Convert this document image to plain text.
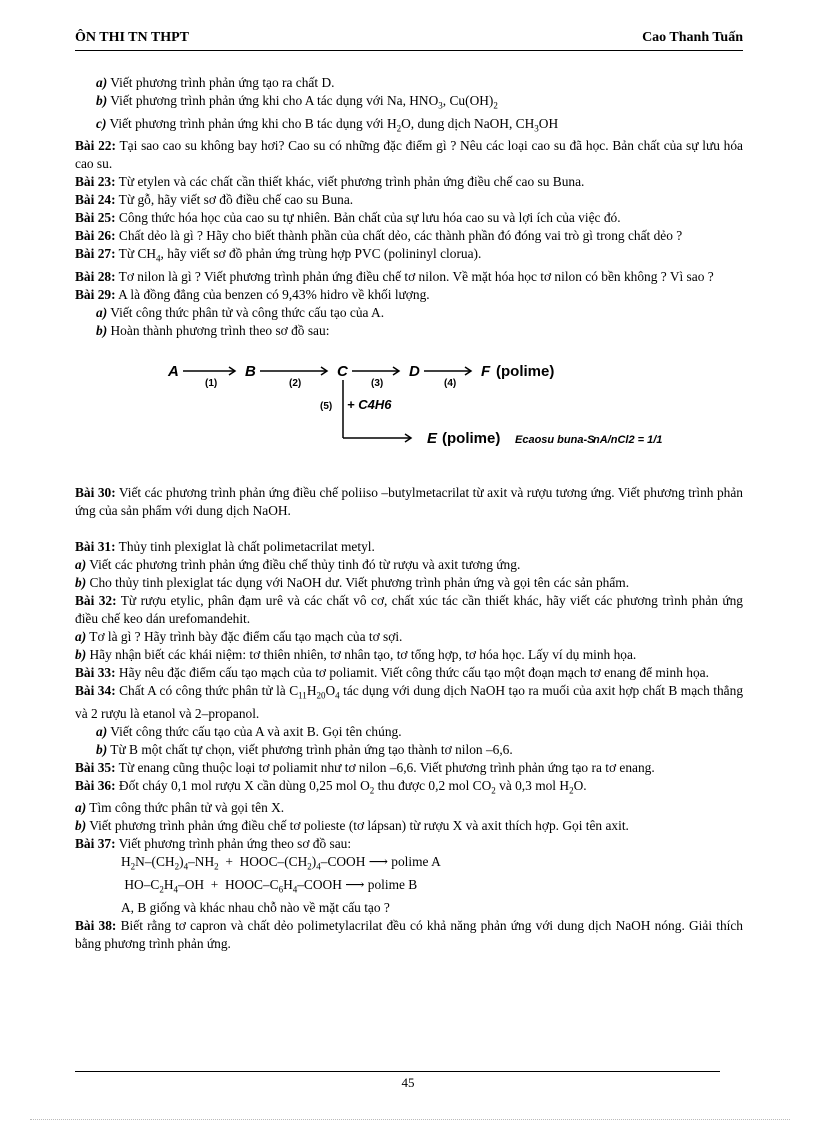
ÔN THI TN THPT	Cao Thanh Tuấn

a) Viết phương trình phản ứng tạo ra chất D.

b) Viết phương trình phản ứng khi cho A tác dụng với Na, $HNO_3$, $Cu(OH)_2$

c) Viết phương trình phản ứng khi cho B tác dụng với $H_2O$, dung dịch NaOH, $CH_3OH$

Bài 22: Tại sao cao su không bay hơi? Cao su có những đặc điểm gì ? Nêu các loại cao su đã học. Bản chất của sự lưu hóa cao su.

Bài 23: Từ etylen và các chất cần thiết khác, viết phương trình phản ứng điều chế cao su Buna.

Bài 24: Từ gỗ, hãy viết sơ đồ điều chế cao su Buna.

Bài 25: Công thức hóa học của cao su tự nhiên. Bản chất của sự lưu hóa cao su và lợi ích của việc đó.

Bài 26: Chất dẻo là gì ? Hãy cho biết thành phần của chất dẻo, các thành phần đó đóng vai trò gì trong chất dẻo ?

Bài 27: Từ $CH_4$, hãy viết sơ đồ phản ứng trùng hợp PVC (polininyl clorua).

Bài 28: Tơ nilon là gì ? Viết phương trình phản ứng điều chế tơ nilon. Về mặt hóa học tơ nilon có bền không ? Vì sao ?

Bài 29: A là đồng đẳng của benzen có 9,43% hidro về khối lượng.

a) Viết công thức phân tử và công thức cấu tạo của A.

b) Hoàn thành phương trình theo sơ đồ sau:

A	B	C	D	F (polime)
E (polime)
(1)	(2)	(3)	(4)
(5) + C4H6
Ecaosu buna-S
nA/nCl2 = 1/1

Bài 30: Viết các phương trình phản ứng điều chế poliiso –butylmetacrilat từ axit và rượu tương ứng. Viết phương trình phản ứng của sản phẩm với dung dịch NaOH.

Bài 31: Thủy tinh plexiglat là chất polimetacrilat metyl.

a) Viết các phương trình phản ứng điều chế thủy tinh đó từ rượu và axit tương ứng.

b) Cho thủy tinh plexiglat tác dụng với NaOH dư. Viết phương trình phản ứng và gọi tên các sản phẩm.

Bài 32: Từ rượu etylic, phân đạm urê và các chất vô cơ, chất xúc tác cần thiết khác, hãy viết các phương trình phản ứng điều chế keo dán urefomandehit.

a) Tơ là gì ? Hãy trình bày đặc điểm cấu tạo mạch của tơ sợi.

b) Hãy nhận biết các khái niệm: tơ thiên nhiên, tơ nhân tạo, tơ tổng hợp, tơ hóa học. Lấy ví dụ minh họa.

Bài 33: Hãy nêu đặc điểm cấu tạo mạch của tơ poliamit. Viết công thức cấu tạo một đoạn mạch tơ enang để minh họa.

Bài 34: Chất A có công thức phân tử là $C_{11}H_{20}O_4$ tác dụng với dung dịch NaOH tạo ra muối của axit hợp chất B mạch thẳng và 2 rượu là etanol và 2–propanol.

a) Viết công thức cấu tạo của A và axit B. Gọi tên chúng.

b) Từ B một chất tự chọn, viết phương trình phản ứng tạo thành tơ nilon –6,6.

Bài 35: Từ enang cũng thuộc loại tơ poliamit như tơ nilon –6,6. Viết phương trình phản ứng tạo ra tơ enang.

Bài 36: Đốt cháy 0,1 mol rượu X cần dùng 0,25 mol $O_2$ thu được 0,2 mol $CO_2$ và 0,3 mol $H_2O$.

a) Tìm công thức phân tử và gọi tên X.

b) Viết phương trình phản ứng điều chế tơ polieste (tơ lápsan) từ rượu X và axit thích hợp. Gọi tên axit.

Bài 37: Viết phương trình phản ứng theo sơ đồ sau:

$H_2N-(CH_2)_4-NH_2$  +  HOOC–$(CH_2)_4$–COOH ⟶ polime A

$HO-C_2H_4-OH$  +  HOOC–$C_6H_4$–COOH ⟶ polime B

A, B giống và khác nhau chỗ nào về mặt cấu tạo ?

Bài 38: Biết rằng tơ capron và chất dẻo polimetylacrilat đều có khả năng phản ứng với dung dịch NaOH nóng. Giải thích bằng phương trình phản ứng.

45
